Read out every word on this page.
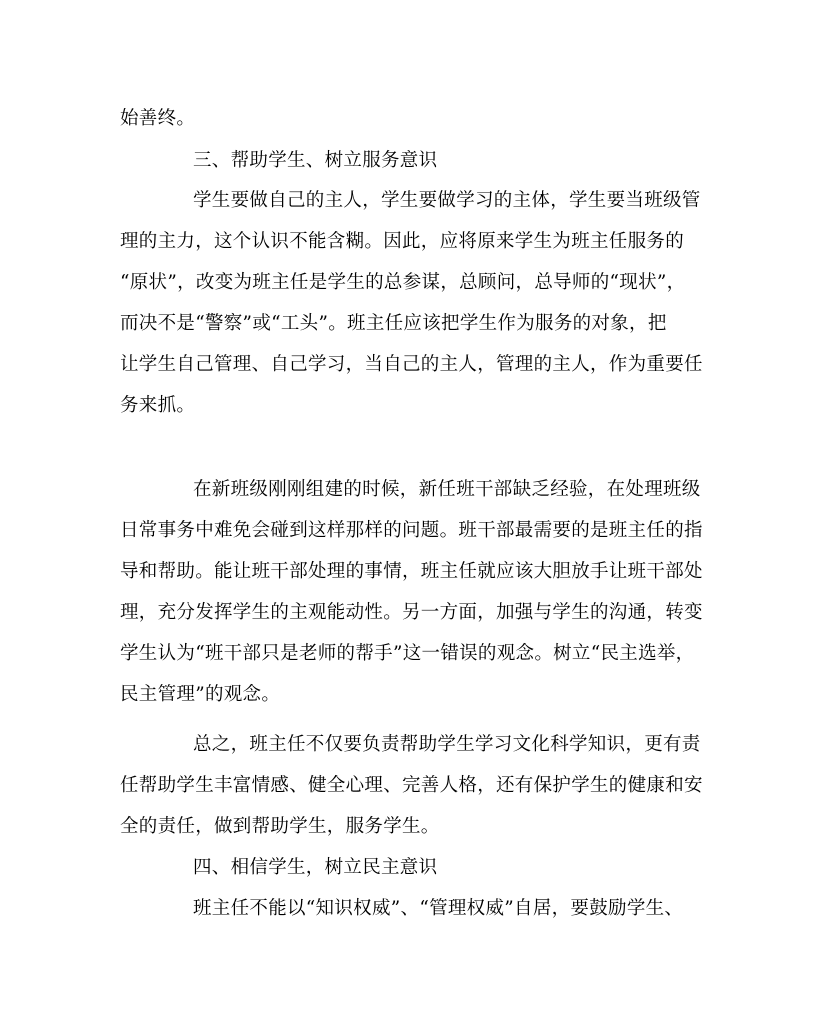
始善终。
三、帮助学生、树立服务意识
学生要做自己的主人，学生要做学习的主体，学生要当班级管
理的主力，这个认识不能含糊。因此，应将原来学生为班主任服务的
“原状”，改变为班主任是学生的总参谋，总顾问，总导师的“现状”，
而决不是“警察”或“工头”。班主任应该把学生作为服务的对象，把
让学生自己管理、自己学习，当自己的主人，管理的主人，作为重要任
务来抓。
在新班级刚刚组建的时候，新任班干部缺乏经验，在处理班级
日常事务中难免会碰到这样那样的问题。班干部最需要的是班主任的指
导和帮助。能让班干部处理的事情，班主任就应该大胆放手让班干部处
理，充分发挥学生的主观能动性。另一方面，加强与学生的沟通，转变
学生认为“班干部只是老师的帮手”这一错误的观念。树立“民主选举，
民主管理”的观念。
总之，班主任不仅要负责帮助学生学习文化科学知识，更有责
任帮助学生丰富情感、健全心理、完善人格，还有保护学生的健康和安
全的责任，做到帮助学生，服务学生。
四、相信学生，树立民主意识
班主任不能以“知识权威”、“管理权威”自居，要鼓励学生、
